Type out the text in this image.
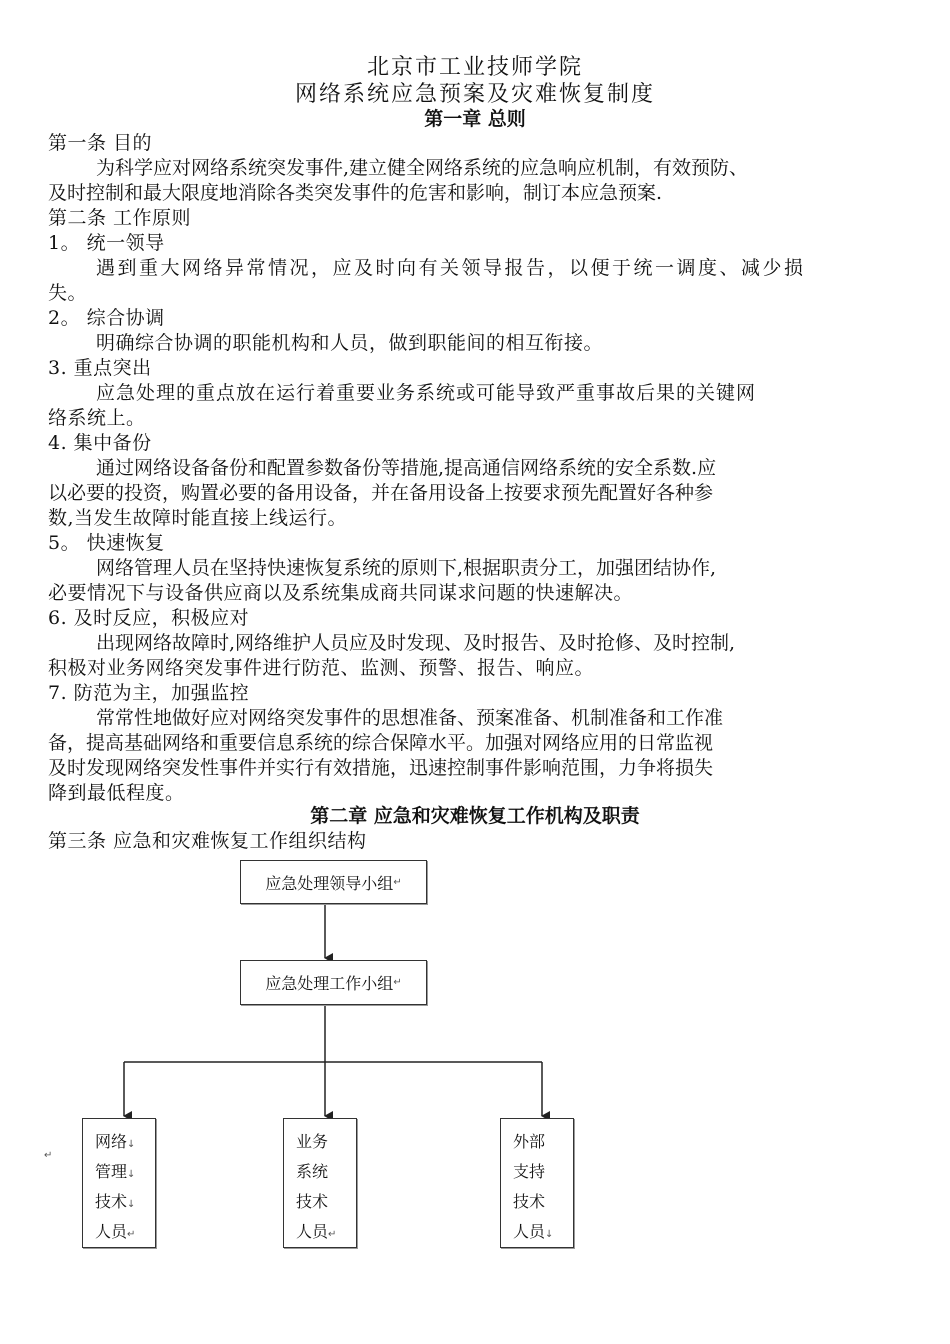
北京市工业技师学院
网络系统应急预案及灾难恢复制度
第一章 总则
第一条 目的
为科学应对网络系统突发事件,建立健全网络系统的应急响应机制，有效预防、
及时控制和最大限度地消除各类突发事件的危害和影响，制订本应急预案.
第二条 工作原则
1。 统一领导
遇到重大网络异常情况，应及时向有关领导报告，以便于统一调度、减少损
失。
2。 综合协调
明确综合协调的职能机构和人员，做到职能间的相互衔接。
3. 重点突出
应急处理的重点放在运行着重要业务系统或可能导致严重事故后果的关键网
络系统上。
4. 集中备份
通过网络设备备份和配置参数备份等措施,提高通信网络系统的安全系数.应
以必要的投资，购置必要的备用设备，并在备用设备上按要求预先配置好各种参
数,当发生故障时能直接上线运行。
5。 快速恢复
网络管理人员在坚持快速恢复系统的原则下,根据职责分工，加强团结协作,
必要情况下与设备供应商以及系统集成商共同谋求问题的快速解决。
6. 及时反应，积极应对
出现网络故障时,网络维护人员应及时发现、及时报告、及时抢修、及时控制,
积极对业务网络突发事件进行防范、监测、预警、报告、响应。
7. 防范为主，加强监控
常常性地做好应对网络突发事件的思想准备、预案准备、机制准备和工作准
备，提高基础网络和重要信息系统的综合保障水平。加强对网络应用的日常监视
及时发现网络突发性事件并实行有效措施，迅速控制事件影响范围，力争将损失
降到最低程度。
第二章 应急和灾难恢复工作机构及职责
第三条 应急和灾难恢复工作组织结构
应急处理领导小组 ↵
应急处理工作小组 ↵
网络↓
管理↓
技术↓
人员↵
业务
系统
技术
人员↵
外部
支持
技术
人员↓
↵
